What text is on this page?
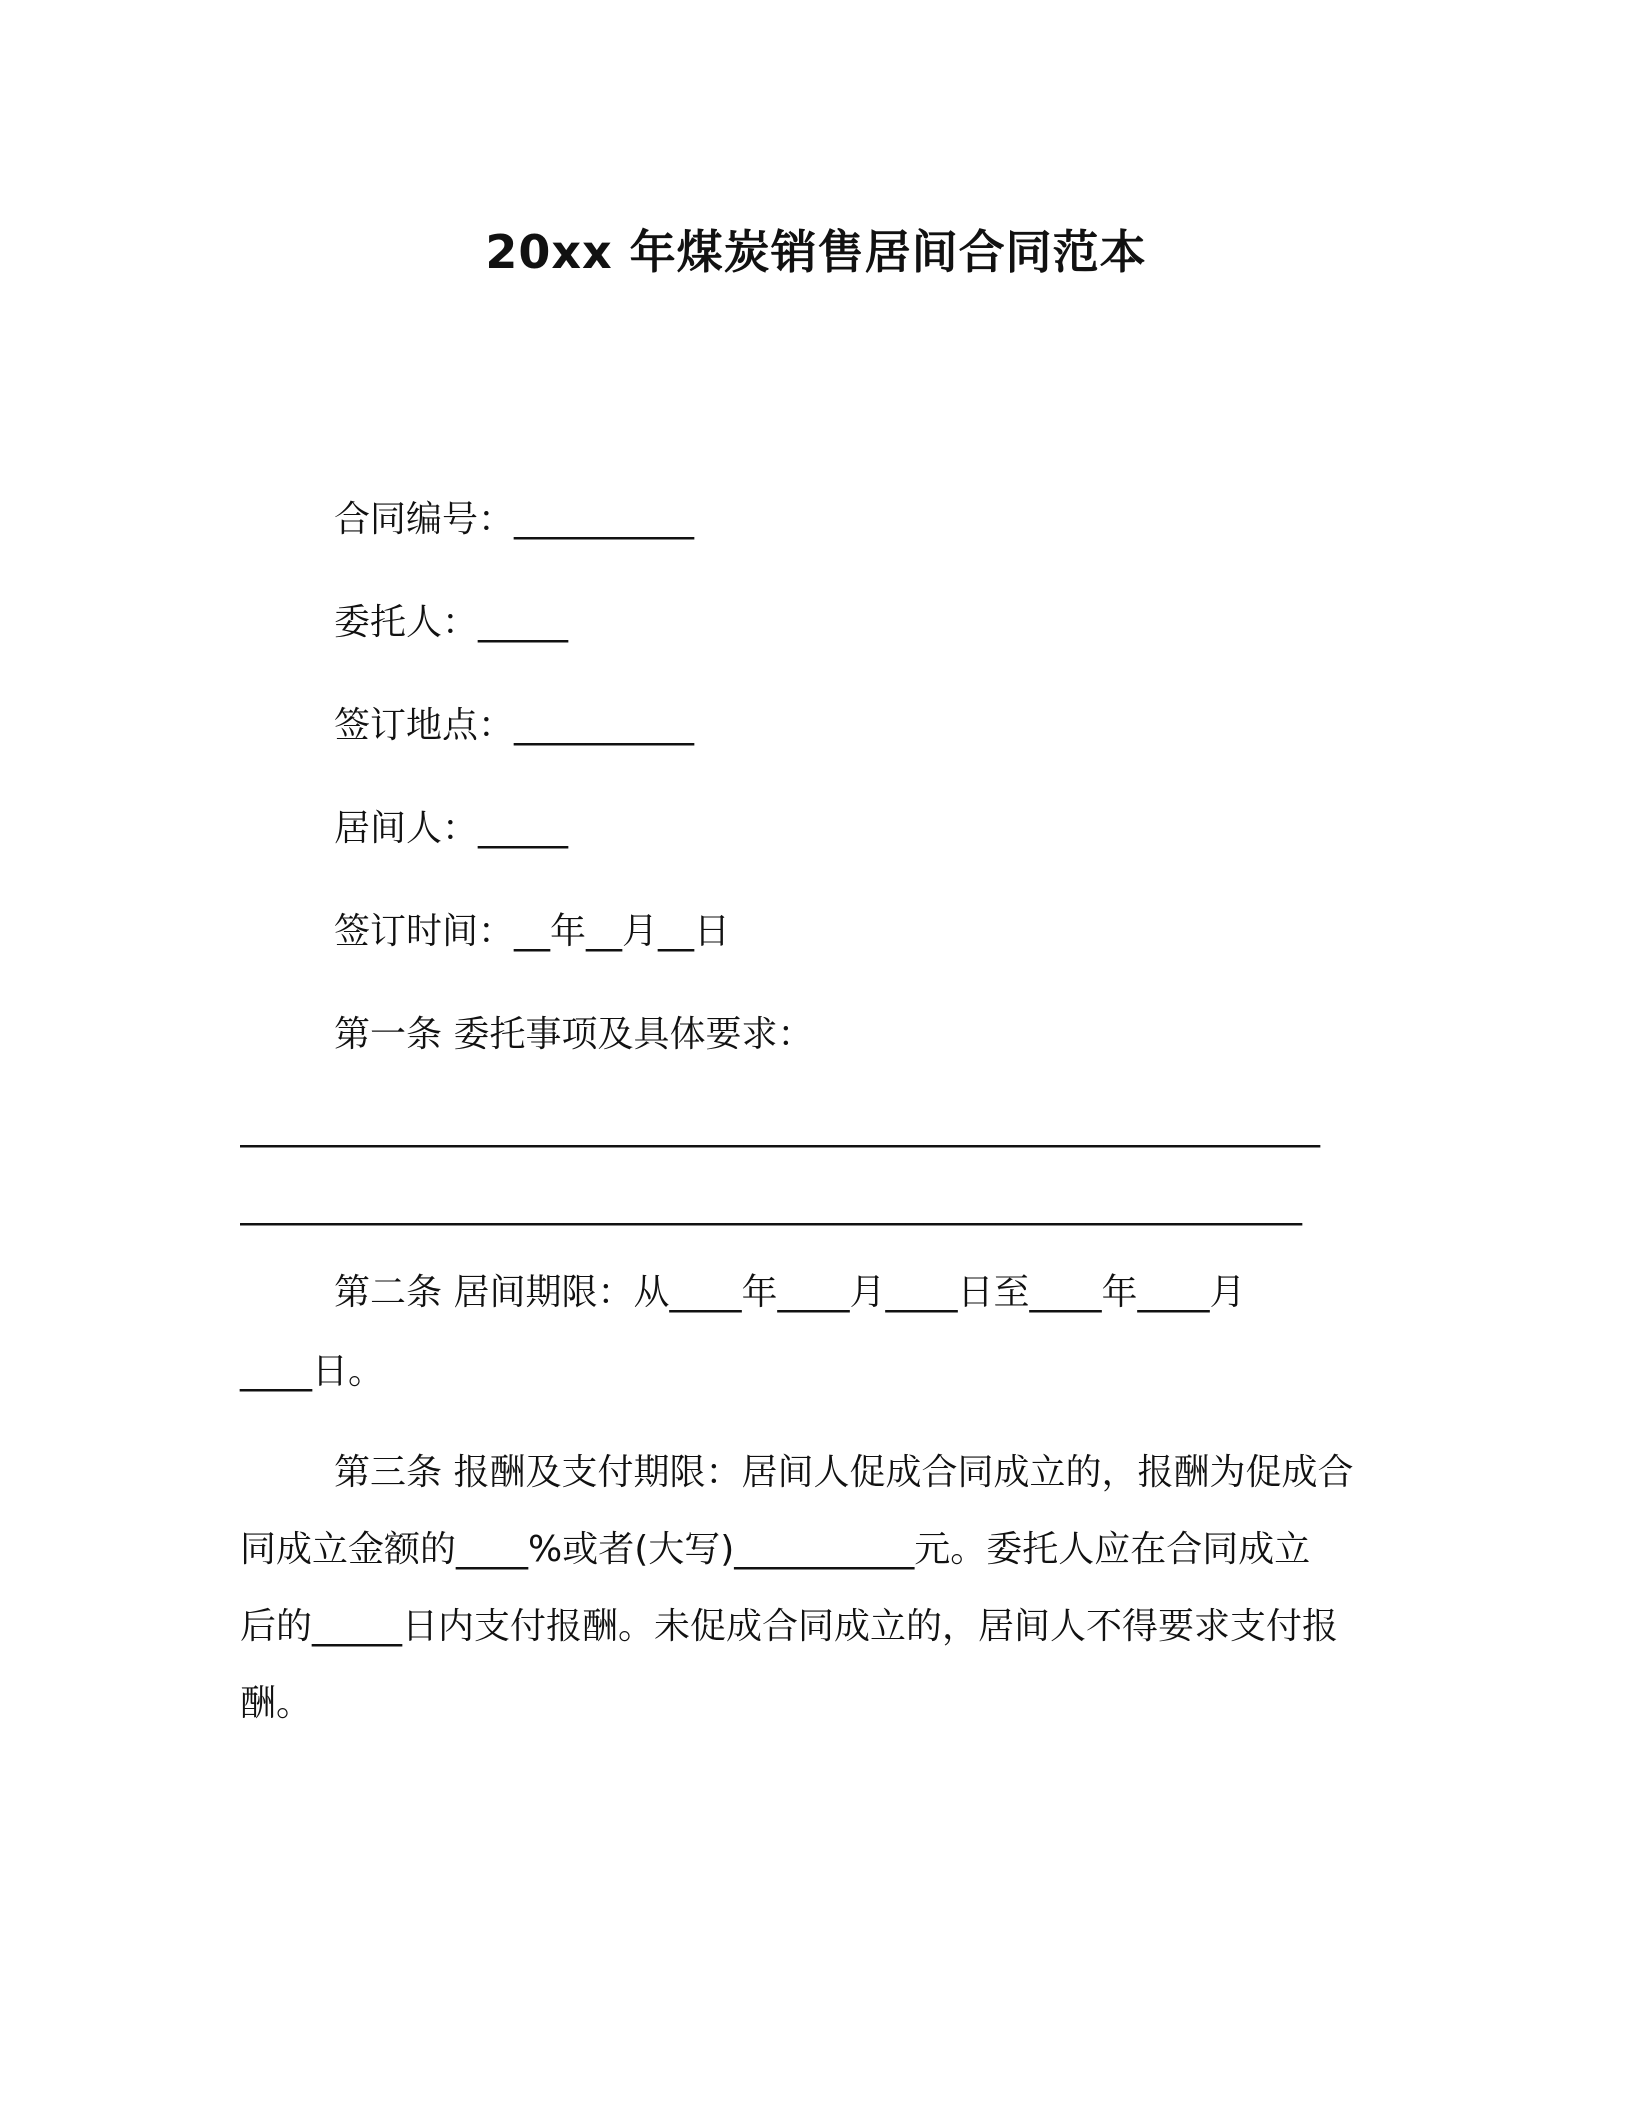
20xx 年煤炭销售居间合同范本
合同编号：__________
委托人：_____
签订地点：__________
居间人：_____
签订时间：__年__月__日
第一条 委托事项及具体要求：
____________________________________________________________
___________________________________________________________
第二条 居间期限：从____年____月____日至____年____月
____日。
第三条 报酬及支付期限：居间人促成合同成立的，报酬为促成合
同成立金额的____%或者(大写)__________元。委托人应在合同成立
后的_____日内支付报酬。未促成合同成立的，居间人不得要求支付报
酬。
